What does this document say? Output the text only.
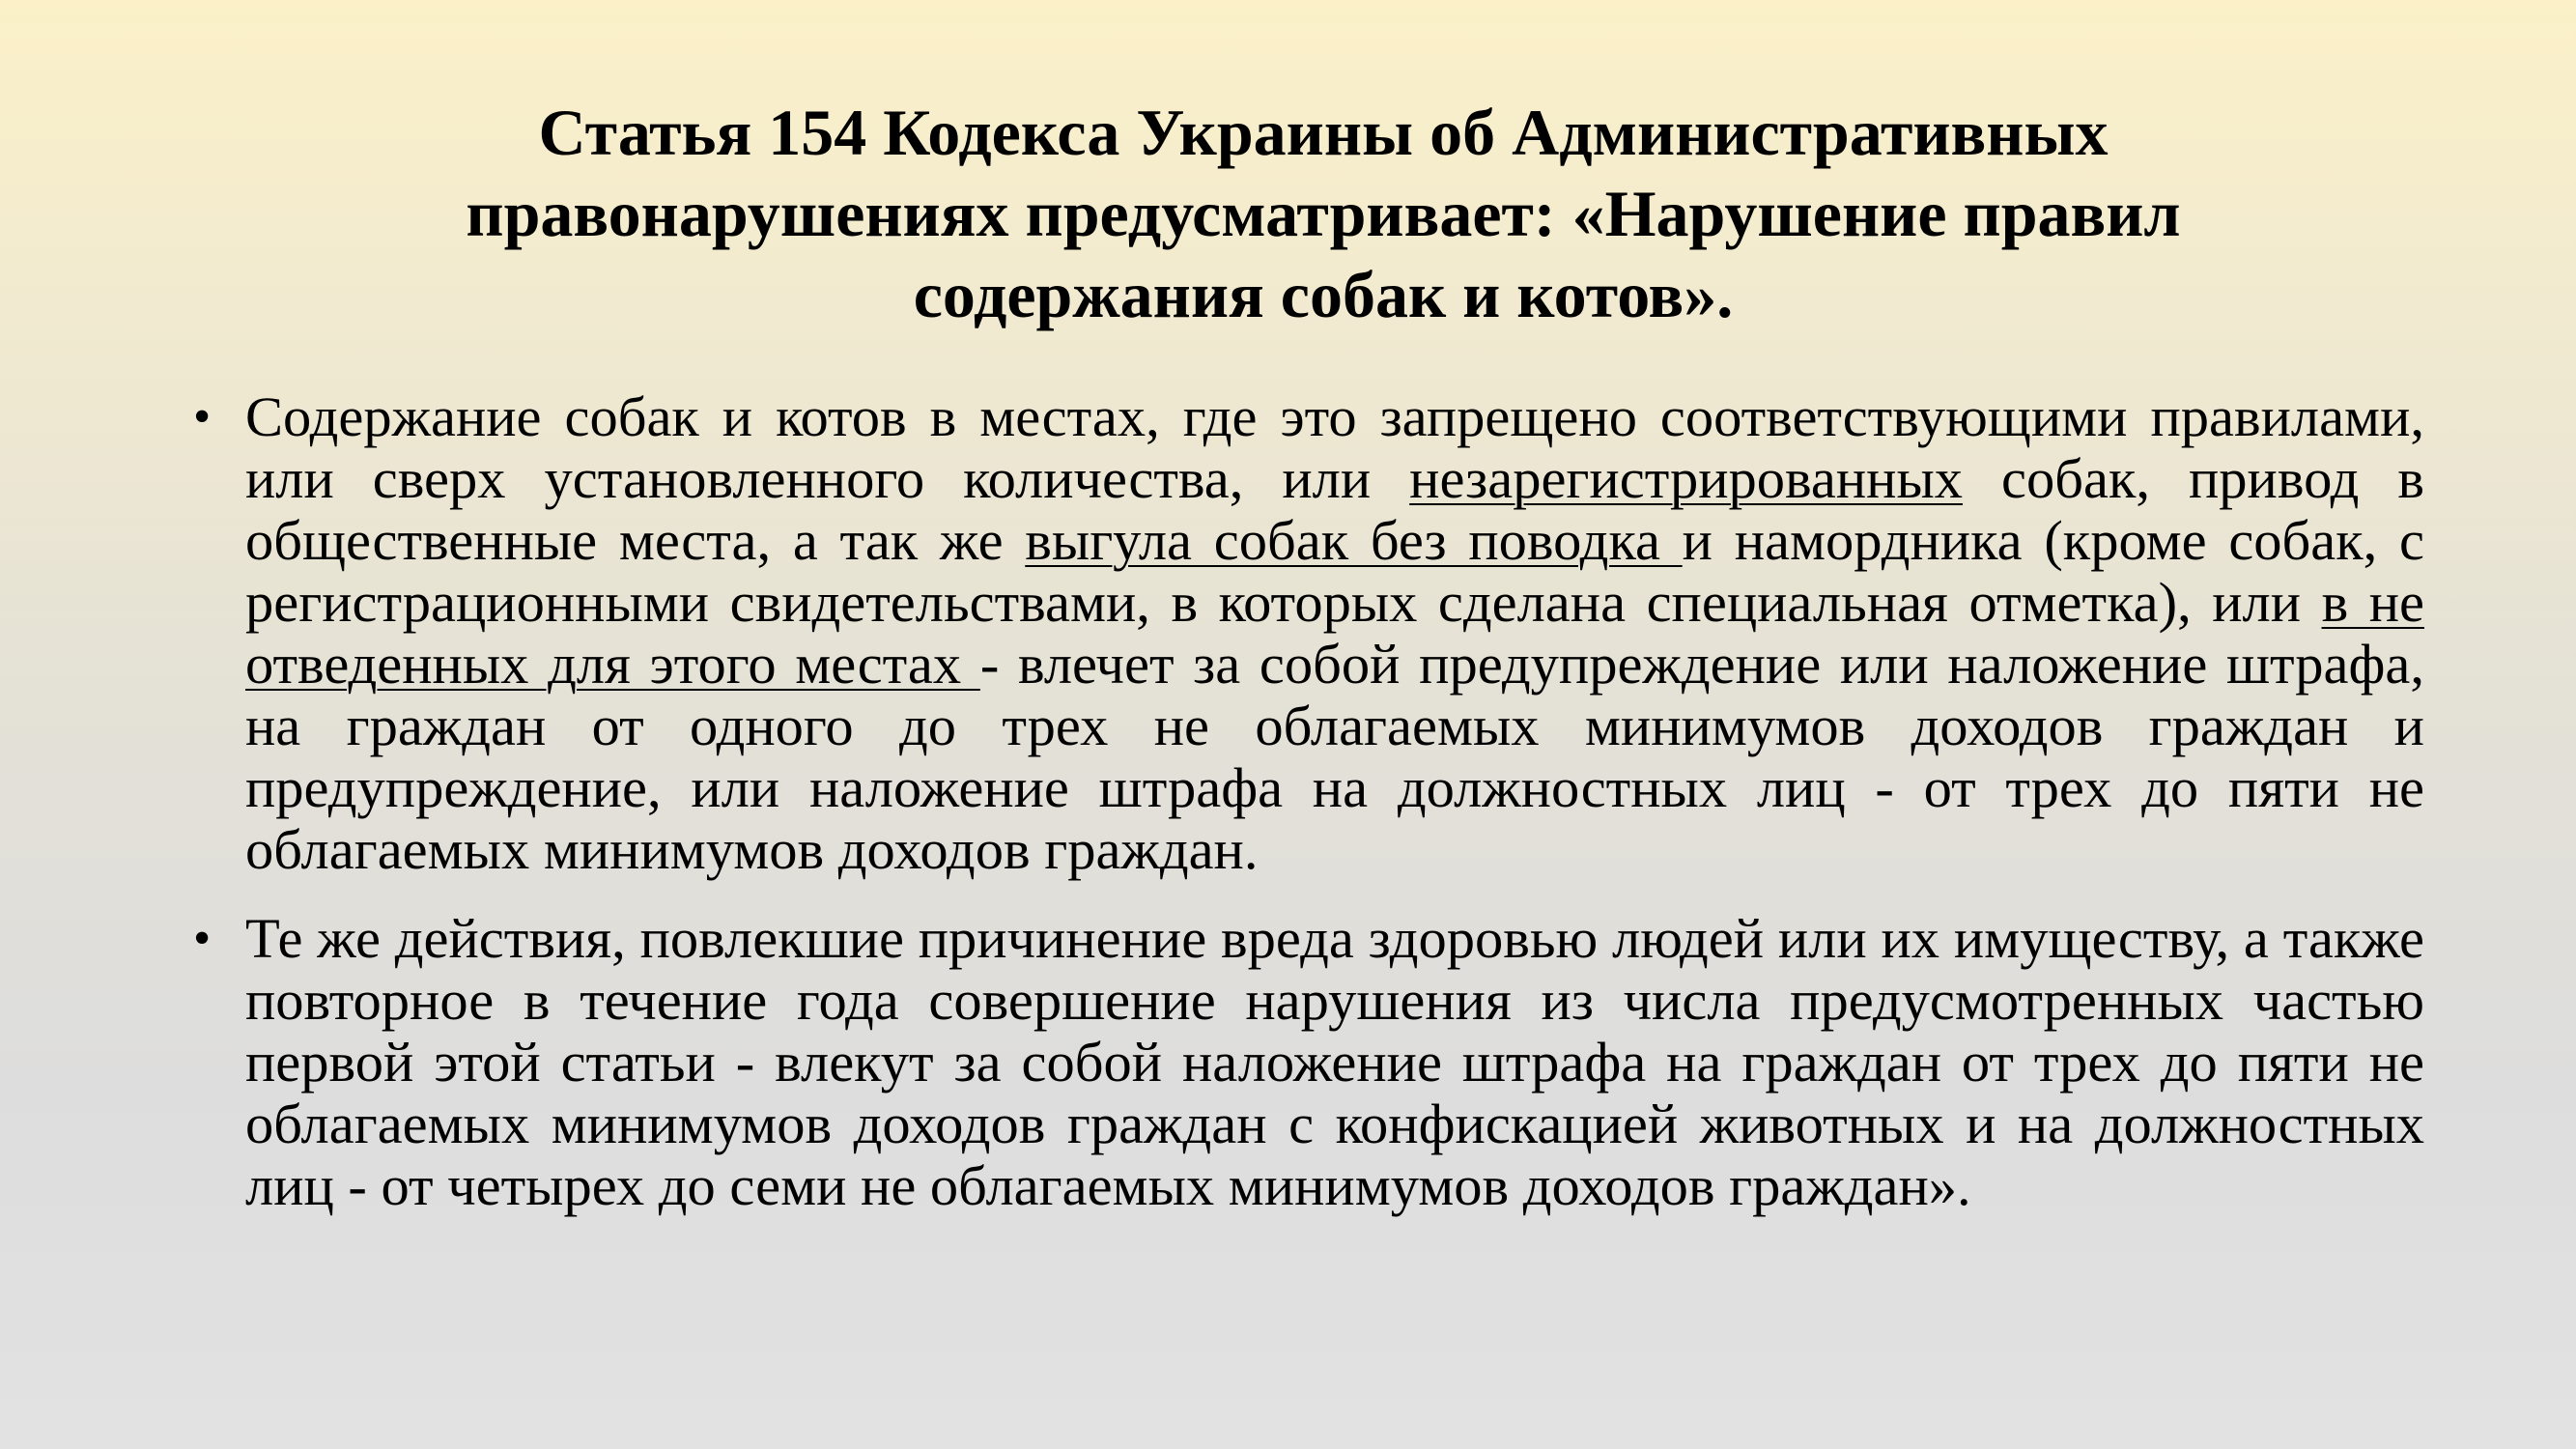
Статья 154 Кодекса Украины об Административных правонарушениях предусматривает: «Нарушение правил содержания собак и котов».
• Содержание собак и котов в местах, где это запрещено соответствующими правилами, или сверх установленного количества, или незарегистрированных собак, привод в общественные места, а так же выгула собак без поводка и намордника (кроме собак, с регистрационными свидетельствами, в которых сделана специальная отметка), или в не отведенных для этого местах - влечет за собой предупреждение или наложение штрафа, на граждан от одного до трех не облагаемых минимумов доходов граждан и предупреждение, или наложение штрафа на должностных лиц - от трех до пяти не облагаемых минимумов доходов граждан.
• Те же действия, повлекшие причинение вреда здоровью людей или их имуществу, а также повторное в течение года совершение нарушения из числа предусмотренных частью первой этой статьи - влекут за собой наложение штрафа на граждан от трех до пяти не облагаемых минимумов доходов граждан с конфискацией животных и на должностных лиц - от четырех до семи не облагаемых минимумов доходов граждан».
